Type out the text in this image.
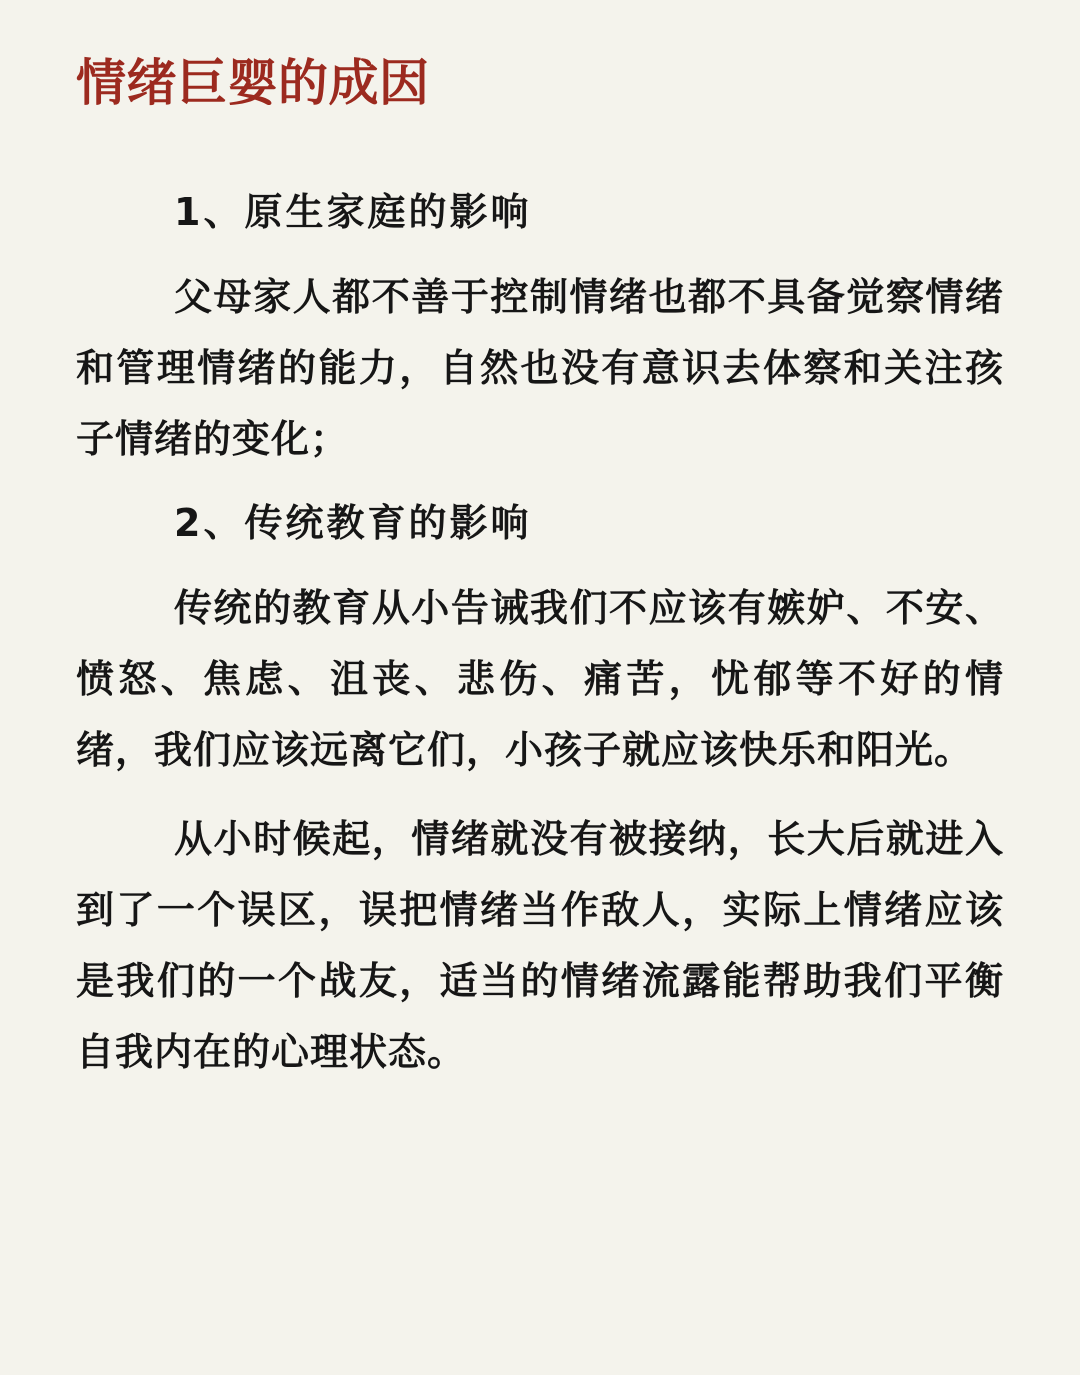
情绪巨婴的成因
1、原生家庭的影响

父母家人都不善于控制情绪也都不具备觉察情绪和管理情绪的能力，自然也没有意识去体察和关注孩子情绪的变化；

2、传统教育的影响

传统的教育从小告诫我们不应该有嫉妒、不安、愤怒、焦虑、沮丧、悲伤、痛苦，忧郁等不好的情绪，我们应该远离它们，小孩子就应该快乐和阳光。

从小时候起，情绪就没有被接纳，长大后就进入到了一个误区，误把情绪当作敌人，实际上情绪应该是我们的一个战友，适当的情绪流露能帮助我们平衡自我内在的心理状态。
